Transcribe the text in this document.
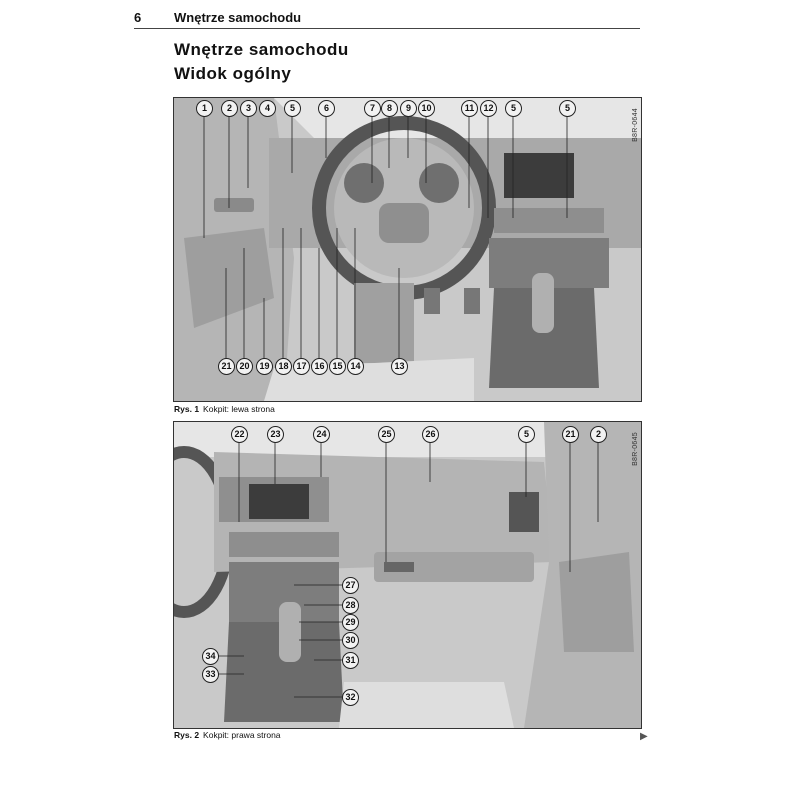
6	Wnętrze samochodu
Wnętrze samochodu
Widok ogólny
B8R-0644
1	2	3	4	5	6	7	8	9	10	11	12	5	5
21 20	19 18 17 16 15 14	13
Rys. 1 Kokpit: lewa strona
B8R-0645
22	23	24	25	26	5	21	2
27
28
29
30
31
34
33
32
Rys. 2 Kokpit: prawa strona	▶
